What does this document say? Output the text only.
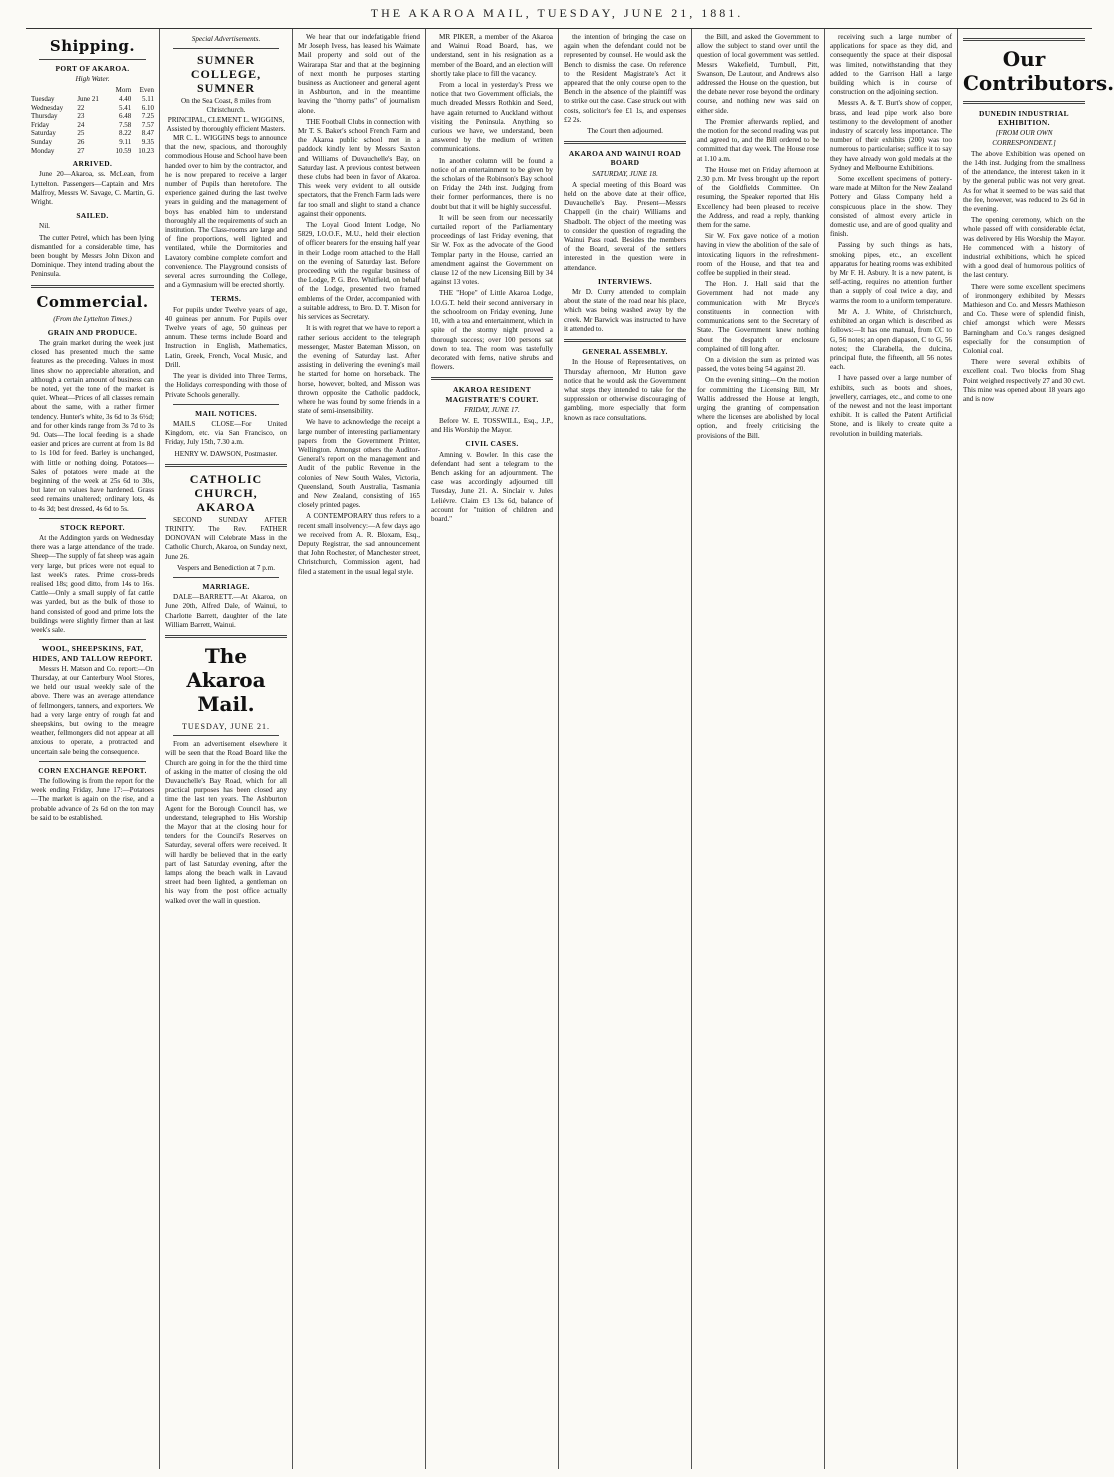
THE AKAROA MAIL, TUESDAY, JUNE 21, 1881.
Shipping.
PORT OF AKAROA.
High Water.
		Morn	Even
Tuesday	June 21	4.40	5.11
Wednesday	22	5.41	6.10
Thursday	23	6.48	7.25
Friday	24	7.58	7.57
Saturday	25	8.22	8.47
Sunday	26	9.11	9.35
Monday	27	10.59	10.23
ARRIVED.

June 20—Akaroa, ss. McLean, from Lyttelton. Passengers—Captain and Mrs Malfroy, Messrs W. Savage, C. Martin, G. Wright.

SAILED.

Nil.

The cutter Petrel, which has been lying dismantled for a considerable time, has been bought by Messrs John Dixon and Dominique. They intend trading about the Peninsula.

Commercial.
(From the Lyttelton Times.)
GRAIN AND PRODUCE.

The grain market during the week just closed has presented much the same features as the preceding. Values in most lines show no appreciable alteration, and although a certain amount of business can be noted, yet the tone of the market is quiet. Wheat—Prices of all classes remain about the same, with a rather firmer tendency. Hunter's white, 3s 6d to 3s 6½d; and for other kinds range from 3s 7d to 3s 9d. Oats—The local feeding is a shade easier and prices are current at from 1s 8d to 1s 10d for feed. Barley is unchanged, with little or nothing doing. Potatoes—Sales of potatoes were made at the beginning of the week at 25s 6d to 30s, but later on values have hardened. Grass seed remains unaltered; ordinary lots, 4s to 4s 3d; best dressed, 4s 6d to 5s.

STOCK REPORT.

At the Addington yards on Wednesday there was a large attendance of the trade. Sheep—The supply of fat sheep was again very large, but prices were not equal to last week's rates. Prime cross-breds realised 18s; good ditto, from 14s to 16s. Cattle—Only a small supply of fat cattle was yarded, but as the bulk of those to hand consisted of good and prime lots the buildings were slightly firmer than at last week's sale.

WOOL, SHEEPSKINS, FAT, HIDES, AND TALLOW REPORT.

Messrs H. Matson and Co. report:—On Thursday, at our Canterbury Wool Stores, we held our usual weekly sale of the above. There was an average attendance of fellmongers, tanners, and exporters. We had a very large entry of rough fat and sheepskins, but owing to the meagre weather, fellmongers did not appear at all anxious to operate, a protracted and uncertain sale being the consequence.

CORN EXCHANGE REPORT.

The following is from the report for the week ending Friday, June 17:—Potatoes—The market is again on the rise, and a probable advance of 2s 6d on the ton may be said to be established.

Special Advertisements.
SUMNER COLLEGE, SUMNER
On the Sea Coast, 8 miles from Christchurch.
PRINCIPAL, CLEMENT L. WIGGINS,
Assisted by thoroughly efficient Masters.

MR C. L. WIGGINS begs to announce that the new, spacious, and thoroughly commodious House and School have been handed over to him by the contractor, and he is now prepared to receive a larger number of Pupils than heretofore. The experience gained during the last twelve years in guiding and the management of boys has enabled him to understand thoroughly all the requirements of such an institution. The Class-rooms are large and of fine proportions, well lighted and ventilated, while the Dormitories and Lavatory combine complete comfort and convenience. The Playground consists of several acres surrounding the College, and a Gymnasium will be erected shortly.

TERMS.

For pupils under Twelve years of age, 40 guineas per annum. For Pupils over Twelve years of age, 50 guineas per annum. These terms include Board and Instruction in English, Mathematics, Latin, Greek, French, Vocal Music, and Drill.

The year is divided into Three Terms, the Holidays corresponding with those of Private Schools generally.

MAIL NOTICES.

MAILS CLOSE—For United Kingdom, etc. via San Francisco, on Friday, July 15th, 7.30 a.m.

HENRY W. DAWSON, Postmaster.
CATHOLIC CHURCH, AKAROA

SECOND SUNDAY AFTER TRINITY. The Rev. FATHER DONOVAN will Celebrate Mass in the Catholic Church, Akaroa, on Sunday next, June 26.

Vespers and Benediction at 7 p.m.
MARRIAGE.

DALE—BARRETT.—At Akaroa, on June 20th, Alfred Dale, of Wainui, to Charlotte Barrett, daughter of the late William Barrett, Wainui.

The Akaroa Mail.
TUESDAY, JUNE 21.

From an advertisement elsewhere it will be seen that the Road Board like the Church are going in for the the third time of asking in the matter of closing the old Duvauchelle's Bay Road, which for all practical purposes has been closed any time the last ten years. The Ashburton Agent for the Borough Council has, we understand, telegraphed to His Worship the Mayor that at the closing hour for tenders for the Council's Reserves on Saturday, several offers were received. It will hardly be believed that in the early part of last Saturday evening, after the lamps along the beach walk in Lavaud street had been lighted, a gentleman on his way from the post office actually walked over the wall in question.

We hear that our indefatigable friend Mr Joseph Ivess, has leased his Waimate Mail property and sold out of the Wairarapa Star and that at the beginning of next month he purposes starting business as Auctioneer and general agent in Ashburton, and in the meantime leaving the "thorny paths" of journalism alone.

THE Football Clubs in connection with Mr T. S. Baker's school French Farm and the Akaroa public school met in a paddock kindly lent by Messrs Saxton and Williams of Duvauchelle's Bay, on Saturday last. A previous contest between these clubs had been in favor of Akaroa. This week very evident to all outside spectators, that the French Farm lads were far too small and slight to stand a chance against their opponents.

The Loyal Good Intent Lodge, No 5829, I.O.O.F., M.U., held their election of officer bearers for the ensuing half year in their Lodge room attached to the Hall on the evening of Saturday last. Before proceeding with the regular business of the Lodge, P. G. Bro. Whitfield, on behalf of the Lodge, presented two framed emblems of the Order, accompanied with a suitable address, to Bro. D. T. Mison for his services as Secretary.

It is with regret that we have to report a rather serious accident to the telegraph messenger, Master Bateman Misson, on the evening of Saturday last. After assisting in delivering the evening's mail he started for home on horseback. The horse, however, bolted, and Misson was thrown opposite the Catholic paddock, where he was found by some friends in a state of semi-insensibility.

We have to acknowledge the receipt a large number of interesting parliamentary papers from the Government Printer, Wellington. Amongst others the Auditor-General's report on the management and Audit of the public Revenue in the colonies of New South Wales, Victoria, Queensland, South Australia, Tasmania and New Zealand, consisting of 165 closely printed pages.

A CONTEMPORARY thus refers to a recent small insolvency:—A few days ago we received from A. R. Bloxam, Esq., Deputy Registrar, the sad announcement that John Rochester, of Manchester street, Christchurch, Commission agent, had filed a statement in the usual legal style.

MR PIKER, a member of the Akaroa and Wainui Road Board, has, we understand, sent in his resignation as a member of the Board, and an election will shortly take place to fill the vacancy.

From a local in yesterday's Press we notice that two Government officials, the much dreaded Messrs Rothkin and Seed, have again returned to Auckland without visiting the Peninsula. Anything so curious we have, we understand, been answered by the medium of written communications.

In another column will be found a notice of an entertainment to be given by the scholars of the Robinson's Bay school on Friday the 24th inst. Judging from their former performances, there is no doubt but that it will be highly successful.

It will be seen from our necessarily curtailed report of the Parliamentary proceedings of last Friday evening, that Sir W. Fox as the advocate of the Good Templar party in the House, carried an amendment against the Government on clause 12 of the new Licensing Bill by 34 against 13 votes.

THE "Hope" of Little Akaroa Lodge, I.O.G.T. held their second anniversary in the schoolroom on Friday evening, June 10, with a tea and entertainment, which in spite of the stormy night proved a thorough success; over 100 persons sat down to tea. The room was tastefully decorated with ferns, native shrubs and flowers.

AKAROA RESIDENT MAGISTRATE'S COURT.
FRIDAY, JUNE 17.

Before W. E. TOSSWILL, Esq., J.P., and His Worship the Mayor.

CIVIL CASES.

Amning v. Bowler. In this case the defendant had sent a telegram to the Bench asking for an adjournment. The case was accordingly adjourned till Tuesday, June 21. A. Sinclair v. Jules Leliévre. Claim £3 13s 6d, balance of account for "tuition of children and board."

the intention of bringing the case on again when the defendant could not be represented by counsel. He would ask the Bench to dismiss the case. On reference to the Resident Magistrate's Act it appeared that the only course open to the Bench in the absence of the plaintiff was to strike out the case. Case struck out with costs, solicitor's fee £1 1s, and expenses £2 2s.

The Court then adjourned.
AKAROA AND WAINUI ROAD BOARD
SATURDAY, JUNE 18.

A special meeting of this Board was held on the above date at their office, Duvauchelle's Bay. Present—Messrs Chappell (in the chair) Williams and Shadbolt. The object of the meeting was to consider the question of regrading the Wainui Pass road. Besides the members of the Board, several of the settlers interested in the question were in attendance.

INTERVIEWS.

Mr D. Curry attended to complain about the state of the road near his place, which was being washed away by the creek. Mr Barwick was instructed to have it attended to.

GENERAL ASSEMBLY.

In the House of Representatives, on Thursday afternoon, Mr Hutton gave notice that he would ask the Government what steps they intended to take for the suppression or otherwise discouraging of gambling, more especially that form known as race consultations.

the Bill, and asked the Government to allow the subject to stand over until the question of local government was settled. Messrs Wakefield, Turnbull, Pitt, Swanson, De Lautour, and Andrews also addressed the House on the question, but the debate never rose beyond the ordinary course, and nothing new was said on either side.

The Premier afterwards replied, and the motion for the second reading was put and agreed to, and the Bill ordered to be committed that day week. The House rose at 1.10 a.m.

The House met on Friday afternoon at 2.30 p.m. Mr Ivess brought up the report of the Goldfields Committee. On resuming, the Speaker reported that His Excellency had been pleased to receive the Address, and read a reply, thanking them for the same.

Sir W. Fox gave notice of a motion having in view the abolition of the sale of intoxicating liquors in the refreshment-room of the House, and that tea and coffee be supplied in their stead.

The Hon. J. Hall said that the Government had not made any communication with Mr Bryce's constituents in connection with communications sent to the Secretary of State. The Government knew nothing about the despatch or enclosure complained of till long after.

On a division the sum as printed was passed, the votes being 54 against 20.

On the evening sitting—On the motion for committing the Licensing Bill, Mr Wallis addressed the House at length, urging the granting of compensation where the licenses are abolished by local option, and freely criticising the provisions of the Bill.

receiving such a large number of applications for space as they did, and consequently the space at their disposal was limited, notwithstanding that they added to the Garrison Hall a large building which is in course of construction on the adjoining section.

Messrs A. & T. Burt's show of copper, brass, and lead pipe work also bore testimony to the development of another industry of scarcely less importance. The number of their exhibits (200) was too numerous to particularise; suffice it to say they have already won gold medals at the Sydney and Melbourne Exhibitions.

Some excellent specimens of pottery-ware made at Milton for the New Zealand Pottery and Glass Company held a conspicuous place in the show. They consisted of almost every article in domestic use, and are of good quality and finish.

Passing by such things as hats, smoking pipes, etc., an excellent apparatus for heating rooms was exhibited by Mr F. H. Asbury. It is a new patent, is self-acting, requires no attention further than a supply of coal twice a day, and warms the room to a uniform temperature.

Mr A. J. White, of Christchurch, exhibited an organ which is described as follows:—It has one manual, from CC to G, 56 notes; an open diapason, C to G, 56 notes; the Clarabella, the dulcina, principal flute, the fifteenth, all 56 notes each.

I have passed over a large number of exhibits, such as boots and shoes, jewellery, carriages, etc., and come to one of the newest and not the least important exhibit. It is called the Patent Artificial Stone, and is likely to create quite a revolution in building materials.

Our Contributors.
DUNEDIN INDUSTRIAL EXHIBITION.
[FROM OUR OWN CORRESPONDENT.]

The above Exhibition was opened on the 14th inst. Judging from the smallness of the attendance, the interest taken in it by the general public was not very great. As for what it seemed to be was said that the fee, however, was reduced to 2s 6d in the evening.

The opening ceremony, which on the whole passed off with considerable éclat, was delivered by His Worship the Mayor. He commenced with a history of industrial exhibitions, which he spiced with a good deal of humorous politics of the last century.

There were some excellent specimens of ironmongery exhibited by Messrs Mathieson and Co. and Messrs Mathieson and Co. These were of splendid finish, chief amongst which were Messrs Barningham and Co.'s ranges designed especially for the consumption of Colonial coal.

There were several exhibits of excellent coal. Two blocks from Shag Point weighed respectively 27 and 30 cwt. This mine was opened about 18 years ago and is now
